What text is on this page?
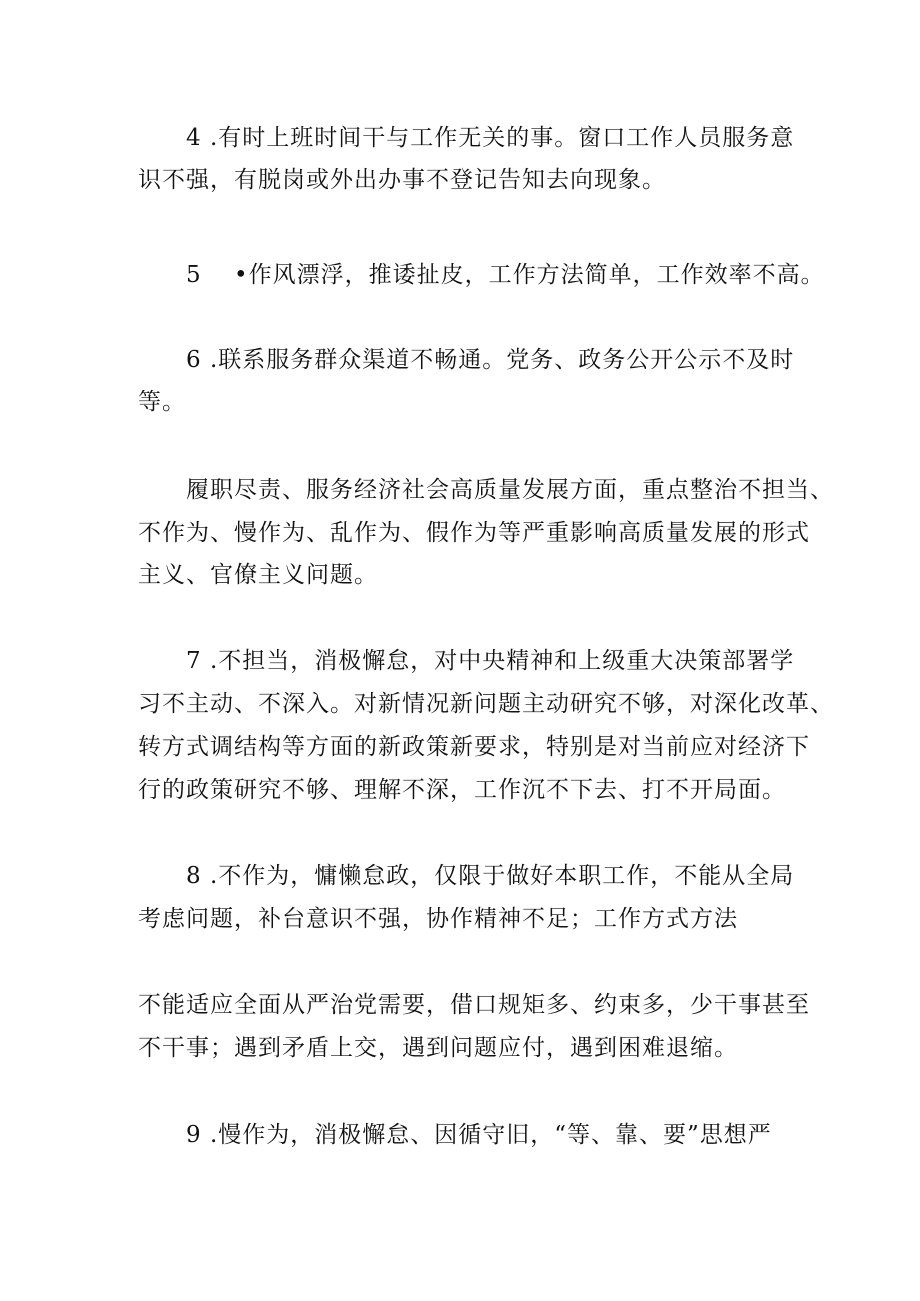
4 .有时上班时间干与工作无关的事。窗口工作人员服务意
识不强，有脱岗或外出办事不登记告知去向现象。
5 •作风漂浮，推诿扯皮，工作方法简单，工作效率不高。
6 .联系服务群众渠道不畅通。党务、政务公开公示不及时
等。
履职尽责、服务经济社会高质量发展方面，重点整治不担当、
不作为、慢作为、乱作为、假作为等严重影响高质量发展的形式
主义、官僚主义问题。
7 .不担当，消极懈怠，对中央精神和上级重大决策部署学
习不主动、不深入。对新情况新问题主动研究不够，对深化改革、
转方式调结构等方面的新政策新要求，特别是对当前应对经济下
行的政策研究不够、理解不深，工作沉不下去、打不开局面。
8 .不作为，慵懒怠政，仅限于做好本职工作，不能从全局
考虑问题，补台意识不强，协作精神不足；工作方式方法
不能适应全面从严治党需要，借口规矩多、约束多，少干事甚至
不干事；遇到矛盾上交，遇到问题应付，遇到困难退缩。
9 .慢作为，消极懈怠、因循守旧，“等、靠、要”思想严
